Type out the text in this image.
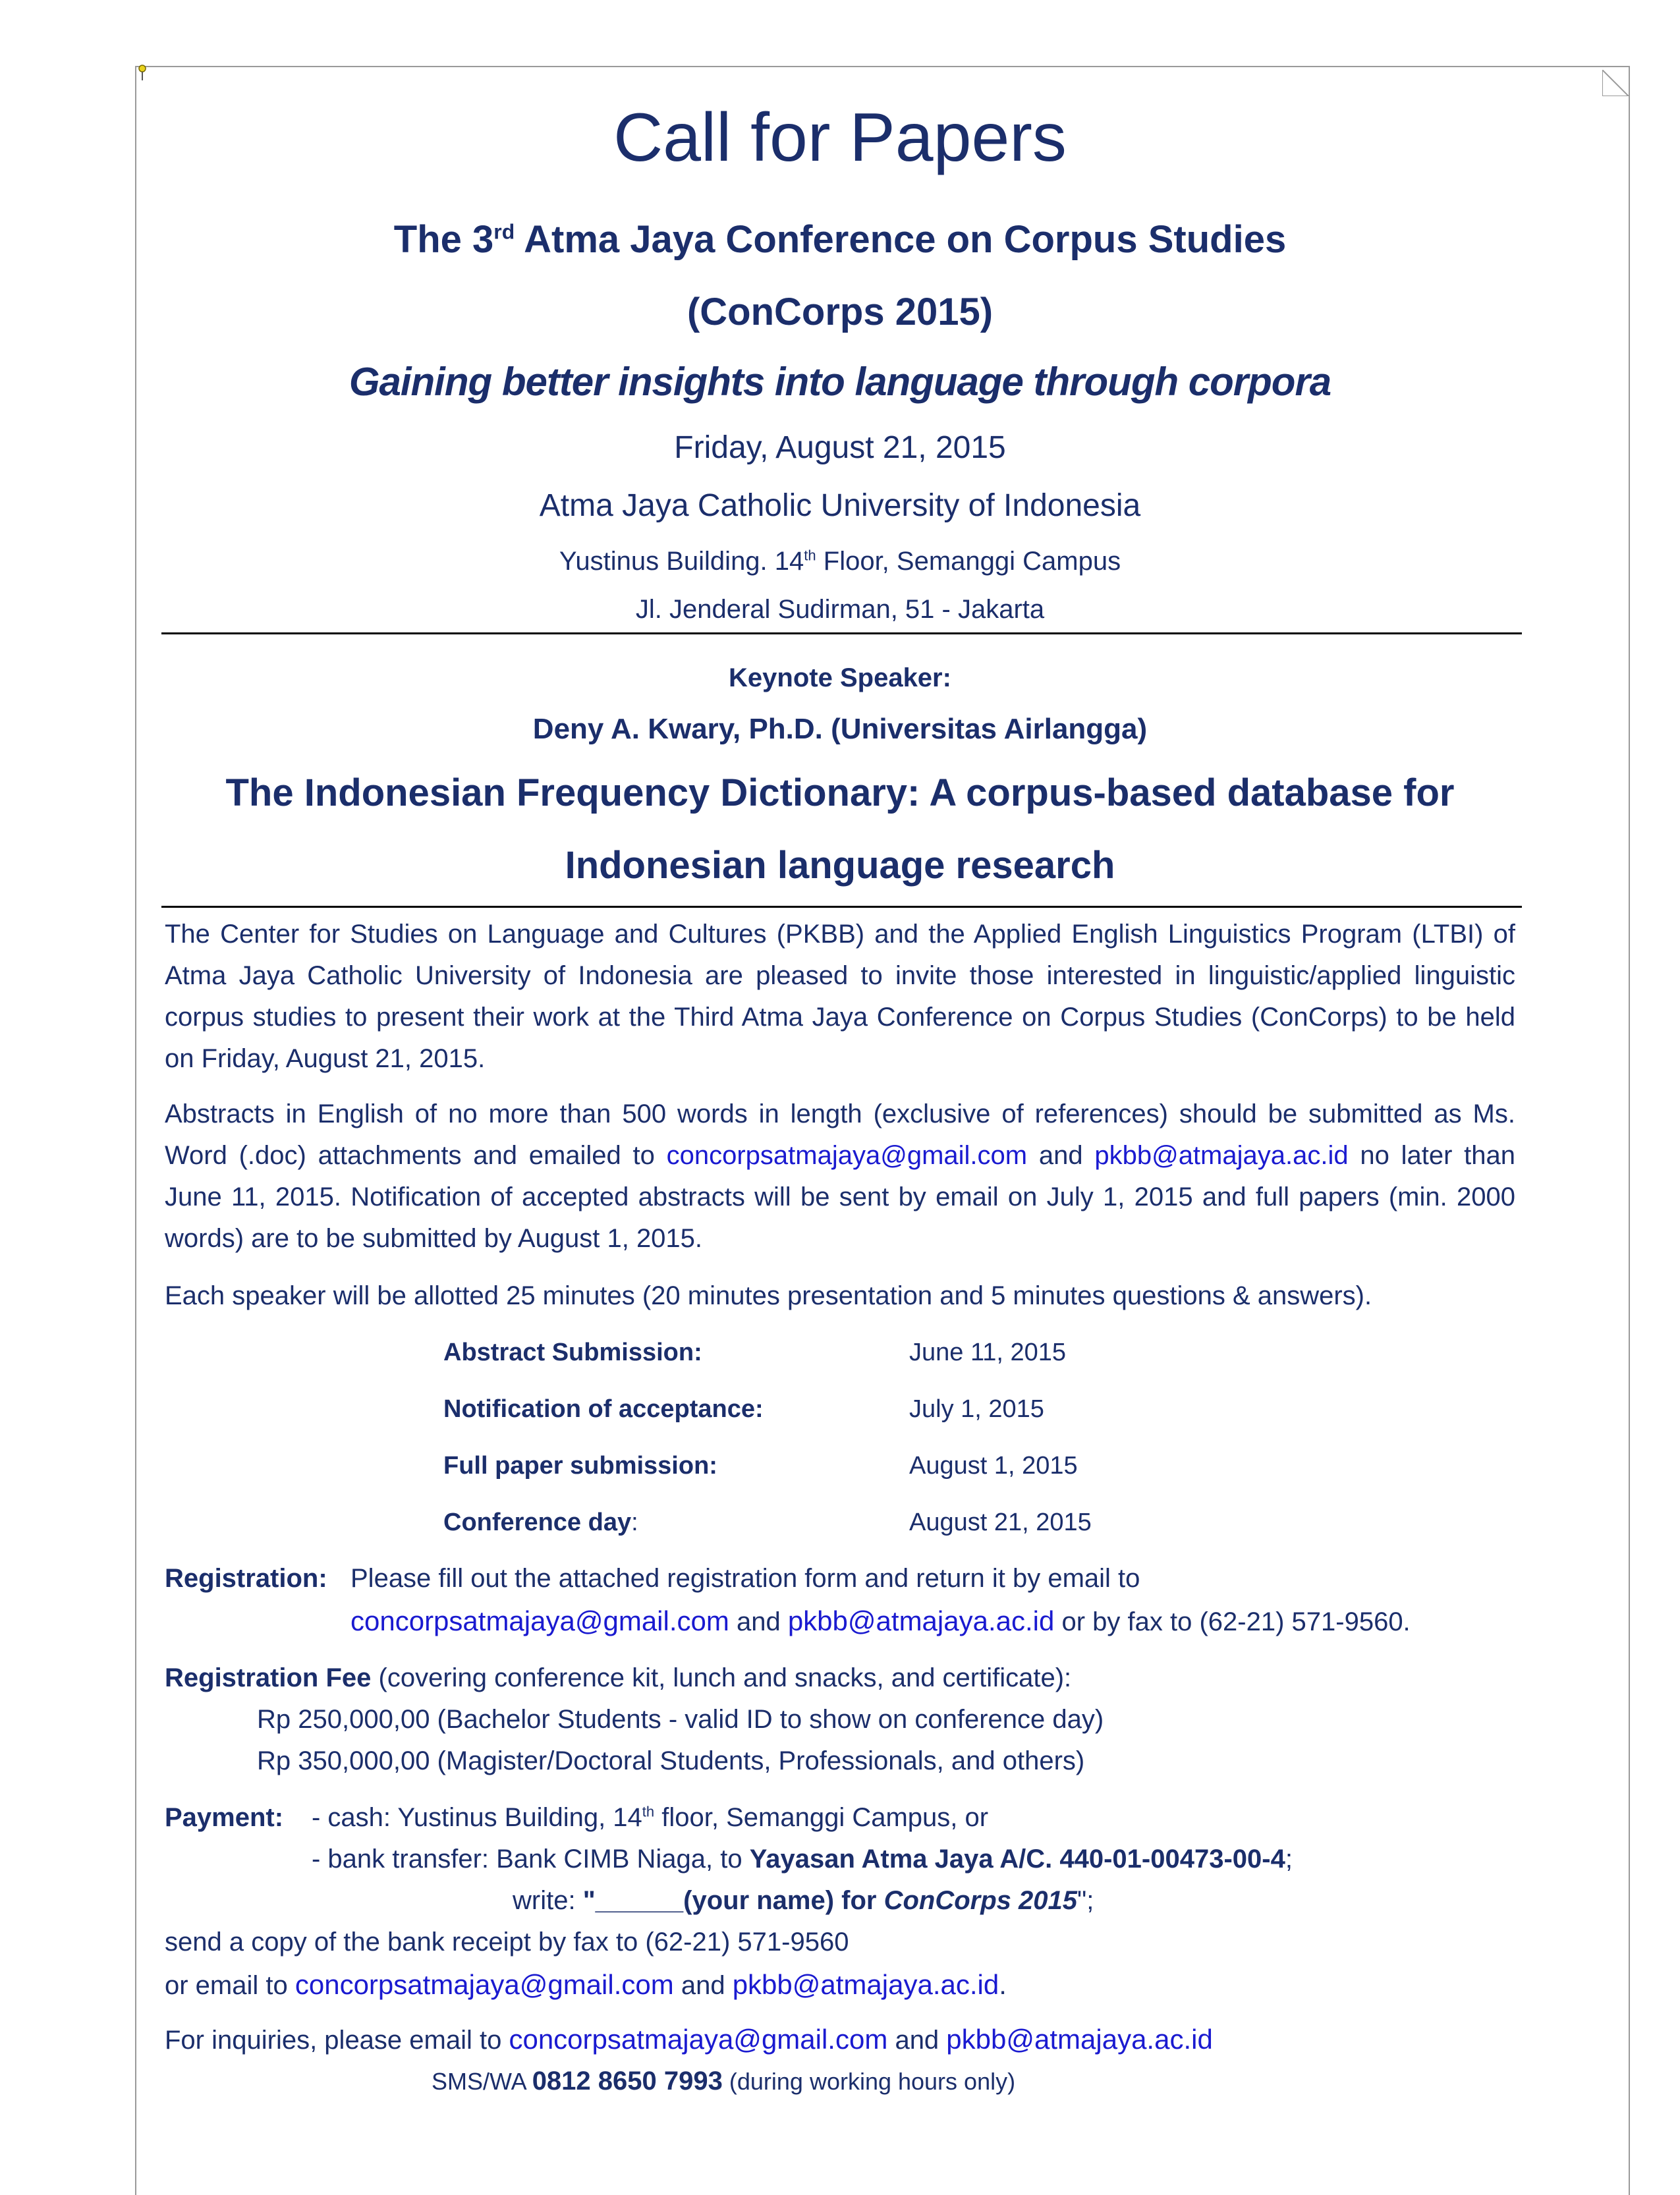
Call for Papers
The 3rd Atma Jaya Conference on Corpus Studies
(ConCorps 2015)
Gaining better insights into language through corpora
Friday, August 21, 2015
Atma Jaya Catholic University of Indonesia
Yustinus Building. 14th Floor, Semanggi Campus
Jl. Jenderal Sudirman, 51 - Jakarta
Keynote Speaker:
Deny A. Kwary, Ph.D. (Universitas Airlangga)
The Indonesian Frequency Dictionary: A corpus-based database for
Indonesian language research
The Center for Studies on Language and Cultures (PKBB) and the Applied English Linguistics Program (LTBI) of Atma Jaya Catholic University of Indonesia are pleased to invite those interested in linguistic/applied linguistic corpus studies to present their work at the Third Atma Jaya Conference on Corpus Studies (ConCorps) to be held on Friday, August 21, 2015.
Abstracts in English of no more than 500 words in length (exclusive of references) should be submitted as Ms. Word (.doc) attachments and emailed to concorpsatmajaya@gmail.com and pkbb@atmajaya.ac.id no later than June 11, 2015. Notification of accepted abstracts will be sent by email on July 1, 2015 and full papers (min. 2000 words) are to be submitted by August 1, 2015.
Each speaker will be allotted 25 minutes (20 minutes presentation and 5 minutes questions & answers).
Abstract Submission:	June 11, 2015
Notification of acceptance:	July 1, 2015
Full paper submission:	August 1, 2015
Conference day:	August 21, 2015
Registration: Please fill out the attached registration form and return it by email to
concorpsatmajaya@gmail.com and pkbb@atmajaya.ac.id or by fax to (62-21) 571-9560.
Registration Fee (covering conference kit, lunch and snacks, and certificate):
Rp 250,000,00 (Bachelor Students - valid ID to show on conference day)
Rp 350,000,00 (Magister/Doctoral Students, Professionals, and others)
Payment: - cash: Yustinus Building, 14th floor, Semanggi Campus, or
- bank transfer: Bank CIMB Niaga, to Yayasan Atma Jaya A/C. 440-01-00473-00-4;
write: "______(your name) for ConCorps 2015";
send a copy of the bank receipt by fax to (62-21) 571-9560
or email to concorpsatmajaya@gmail.com and pkbb@atmajaya.ac.id.
For inquiries, please email to concorpsatmajaya@gmail.com and pkbb@atmajaya.ac.id
SMS/WA 0812 8650 7993 (during working hours only)
